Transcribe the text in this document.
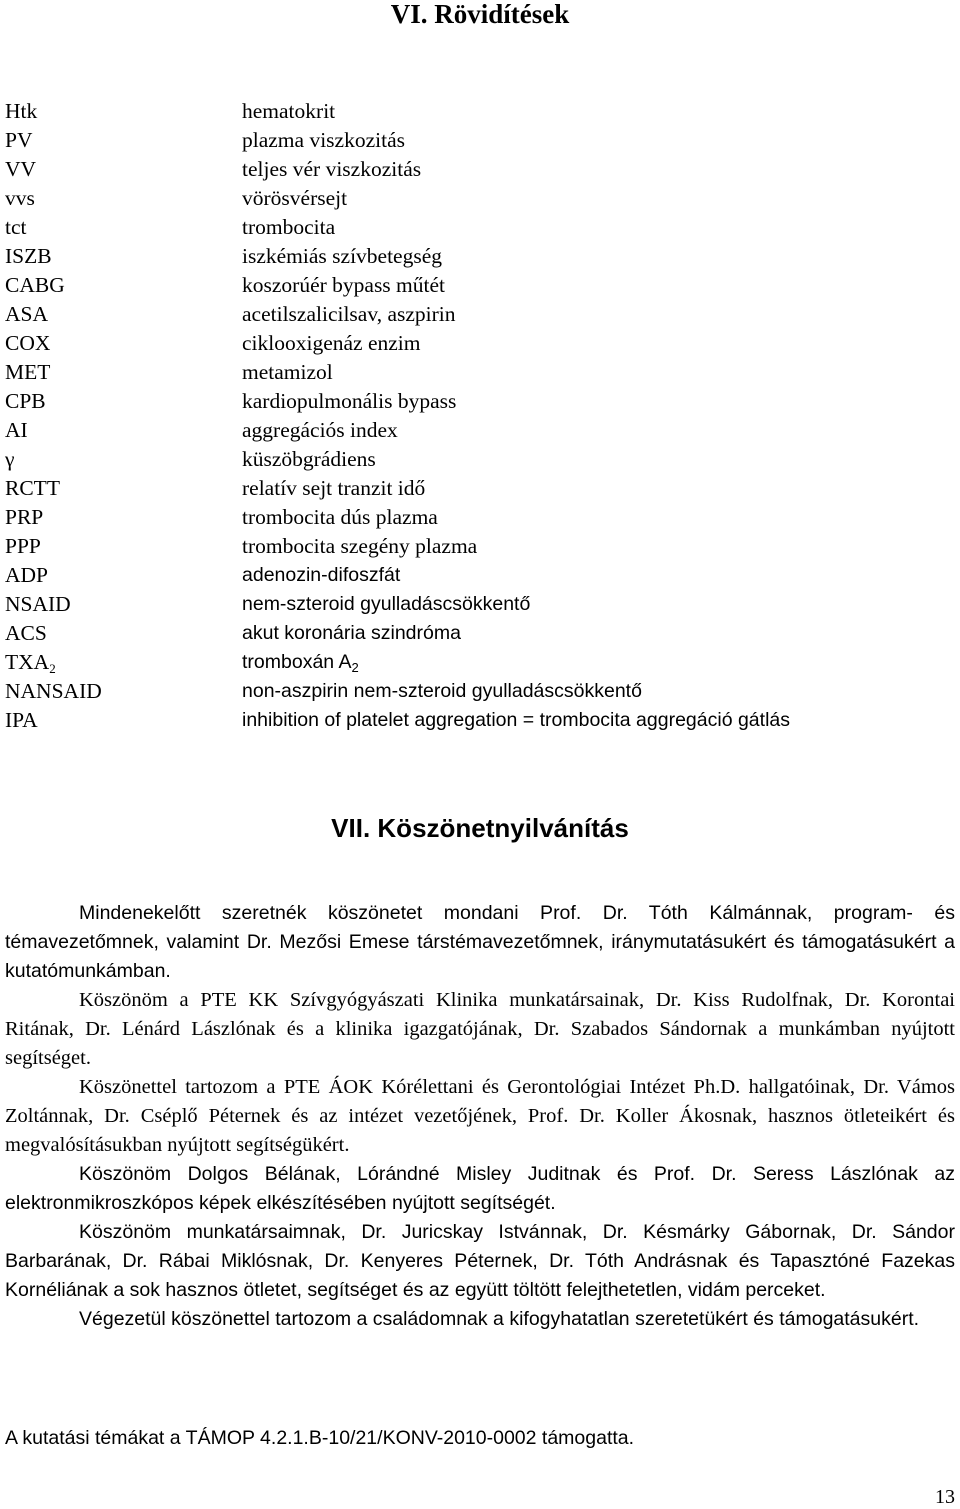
VI. Rövidítések
Htk	hematokrit
PV	plazma viszkozitás
VV	teljes vér viszkozitás
vvs	vörösvérsejt
tct	trombocita
ISZB	iszkémiás szívbetegség
CABG	koszorúér bypass műtét
ASA	acetilszalicilsav, aszpirin
COX	ciklooxigenáz enzim
MET	metamizol
CPB	kardiopulmonális bypass
AI	aggregációs index
γ	küszöbgrádiens
RCTT	relatív sejt tranzit idő
PRP	trombocita dús plazma
PPP	trombocita szegény plazma
ADP	adenozin-difoszfát
NSAID	nem-szteroid gyulladáscsökkentő
ACS	akut koronária szindróma
$TXA_2$	tromboxán $A_2$
NANSAID	non-aszpirin nem-szteroid gyulladáscsökkentő
IPA	inhibition of platelet aggregation = trombocita aggregáció gátlás
VII. Köszönetnyilvánítás

Mindenekelőtt szeretnék köszönetet mondani Prof. Dr. Tóth Kálmánnak, program- és témavezetőmnek, valamint Dr. Mezősi Emese társtémavezetőmnek, iránymutatásukért és támogatásukért a kutatómunkámban.

Köszönöm a PTE KK Szívgyógyászati Klinika munkatársainak, Dr. Kiss Rudolfnak, Dr. Korontai Ritának, Dr. Lénárd Lászlónak és a klinika igazgatójának, Dr. Szabados Sándornak a munkámban nyújtott segítséget.

Köszönettel tartozom a PTE ÁOK Kórélettani és Gerontológiai Intézet Ph.D. hallgatóinak, Dr. Vámos Zoltánnak, Dr. Cséplő Péternek és az intézet vezetőjének, Prof. Dr. Koller Ákosnak, hasznos ötleteikért és megvalósításukban nyújtott segítségükért.

Köszönöm Dolgos Bélának, Lórándné Misley Juditnak és Prof. Dr. Seress Lászlónak az elektronmikroszkópos képek elkészítésében nyújtott segítségét.

Köszönöm munkatársaimnak, Dr. Juricskay Istvánnak, Dr. Késmárky Gábornak, Dr. Sándor Barbarának, Dr. Rábai Miklósnak, Dr. Kenyeres Péternek, Dr. Tóth Andrásnak és Tapasztóné Fazekas Kornéliának a sok hasznos ötletet, segítséget és az együtt töltött felejthetetlen, vidám perceket.

Végezetül köszönettel tartozom a családomnak a kifogyhatatlan szeretetükért és támogatásukért.

A kutatási témákat a TÁMOP 4.2.1.B-10/21/KONV-2010-0002 támogatta.
13
